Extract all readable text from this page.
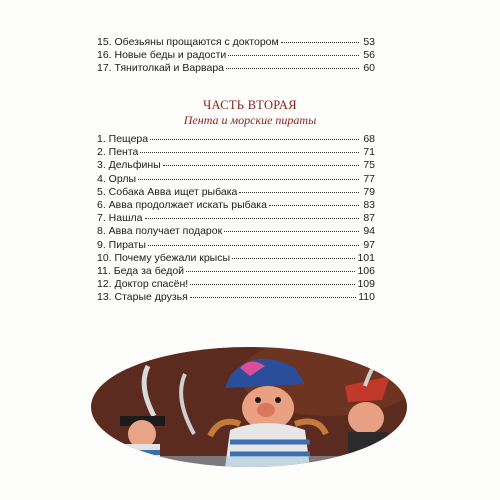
15. Обезьяны прощаются с доктором	53
16. Новые беды и радости	56
17. Тянитолкай и Варвара	60
ЧАСТЬ ВТОРАЯ
Пента и морские пираты
1. Пещера	68
2. Пента	71
3. Дельфины	75
4. Орлы	77
5. Собака Авва ищет рыбака	79
6. Авва продолжает искать рыбака	83
7. Нашла	87
8. Авва получает подарок	94
9. Пираты	97
10. Почему убежали крысы	101
11. Беда за бедой	106
12. Доктор спасён!	109
13. Старые друзья	110
